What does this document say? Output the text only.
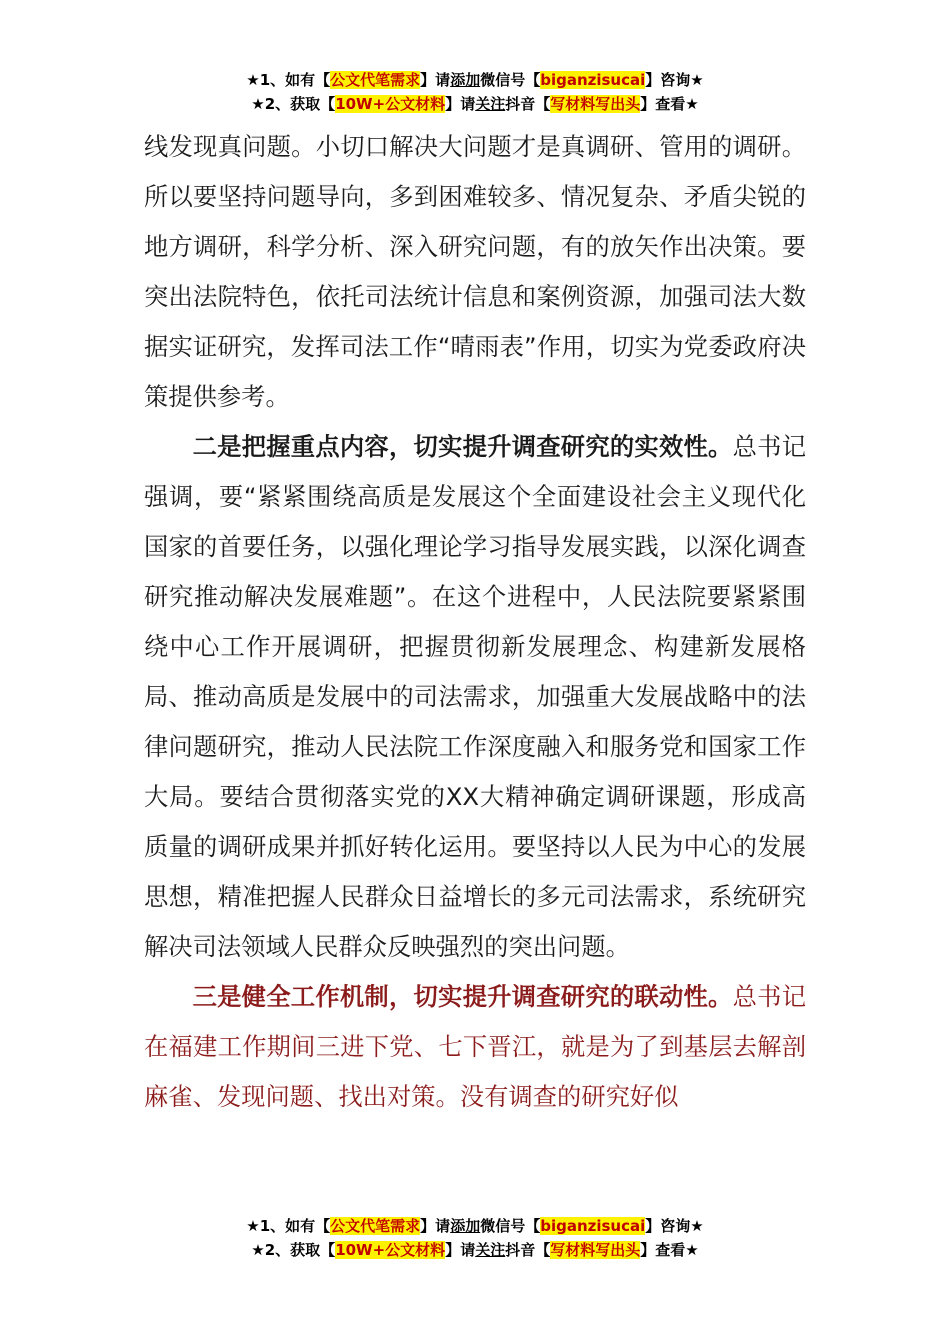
★1、如有【公文代笔需求】请添加微信号【biganzisucai】咨询★
★2、获取【10W+公文材料】请关注抖音【写材料写出头】查看★

线发现真问题。小切口解决大问题才是真调研、管用的调研。所以要坚持问题导向，多到困难较多、情况复杂、矛盾尖锐的地方调研，科学分析、深入研究问题，有的放矢作出决策。要突出法院特色，依托司法统计信息和案例资源，加强司法大数据实证研究，发挥司法工作“晴雨表”作用，切实为党委政府决策提供参考。

二是把握重点内容，切实提升调查研究的实效性。总书记强调，要“紧紧围绕高质是发展这个全面建设社会主义现代化国家的首要任务，以强化理论学习指导发展实践，以深化调查研究推动解决发展难题”。在这个进程中，人民法院要紧紧围绕中心工作开展调研，把握贯彻新发展理念、构建新发展格局、推动高质是发展中的司法需求，加强重大发展战略中的法律问题研究，推动人民法院工作深度融入和服务党和国家工作大局。要结合贯彻落实党的XX大精神确定调研课题，形成高质量的调研成果并抓好转化运用。要坚持以人民为中心的发展思想，精准把握人民群众日益增长的多元司法需求，系统研究解决司法领域人民群众反映强烈的突出问题。

三是健全工作机制，切实提升调查研究的联动性。总书记在福建工作期间三进下党、七下晋江，就是为了到基层去解剖麻雀、发现问题、找出对策。没有调查的研究好似

★1、如有【公文代笔需求】请添加微信号【biganzisucai】咨询★
★2、获取【10W+公文材料】请关注抖音【写材料写出头】查看★
